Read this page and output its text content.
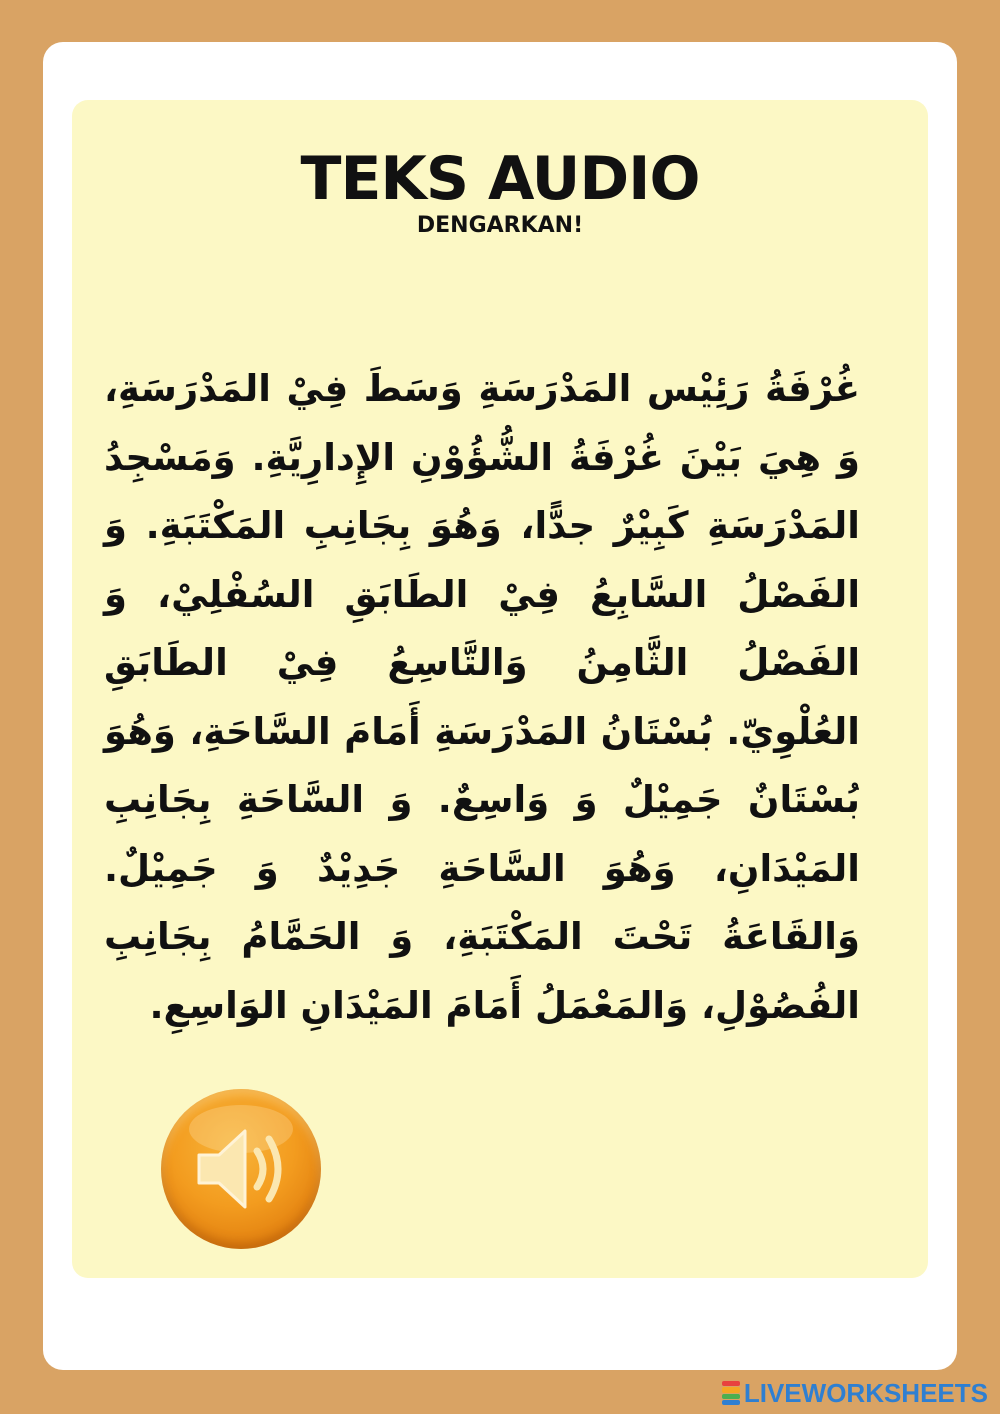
TEKS AUDIO
DENGARKAN!

غُرْفَةُ رَئِيْس المَدْرَسَةِ وَسَطَ فِيْ المَدْرَسَةِ، وَ هِيَ بَيْنَ غُرْفَةُ الشُّؤُوْنِ الإِدارِيَّةِ. وَمَسْجِدُ المَدْرَسَةِ كَبِيْرٌ جدًّا، وَهُوَ بِجَانِبِ المَكْتَبَةِ. وَ الفَصْلُ السَّابِعُ فِيْ الطَابَقِ السُفْلِيْ، وَ الفَصْلُ الثَّامِنُ وَالتَّاسِعُ فِيْ الطَابَقِ العُلْوِيّ. بُسْتَانُ المَدْرَسَةِ أَمَامَ السَّاحَةِ، وَهُوَ بُسْتَانٌ جَمِيْلٌ وَ وَاسِعٌ. وَ السَّاحَةِ بِجَانِبِ المَيْدَانِ، وَهُوَ السَّاحَةِ جَدِيْدٌ وَ جَمِيْلٌ. وَالقَاعَةُ تَحْتَ المَكْتَبَةِ، وَ الحَمَّامُ بِجَانِبِ الفُصُوْلِ، وَالمَعْمَلُ أَمَامَ المَيْدَانِ الوَاسِعِ.

LIVEWORKSHEETS
